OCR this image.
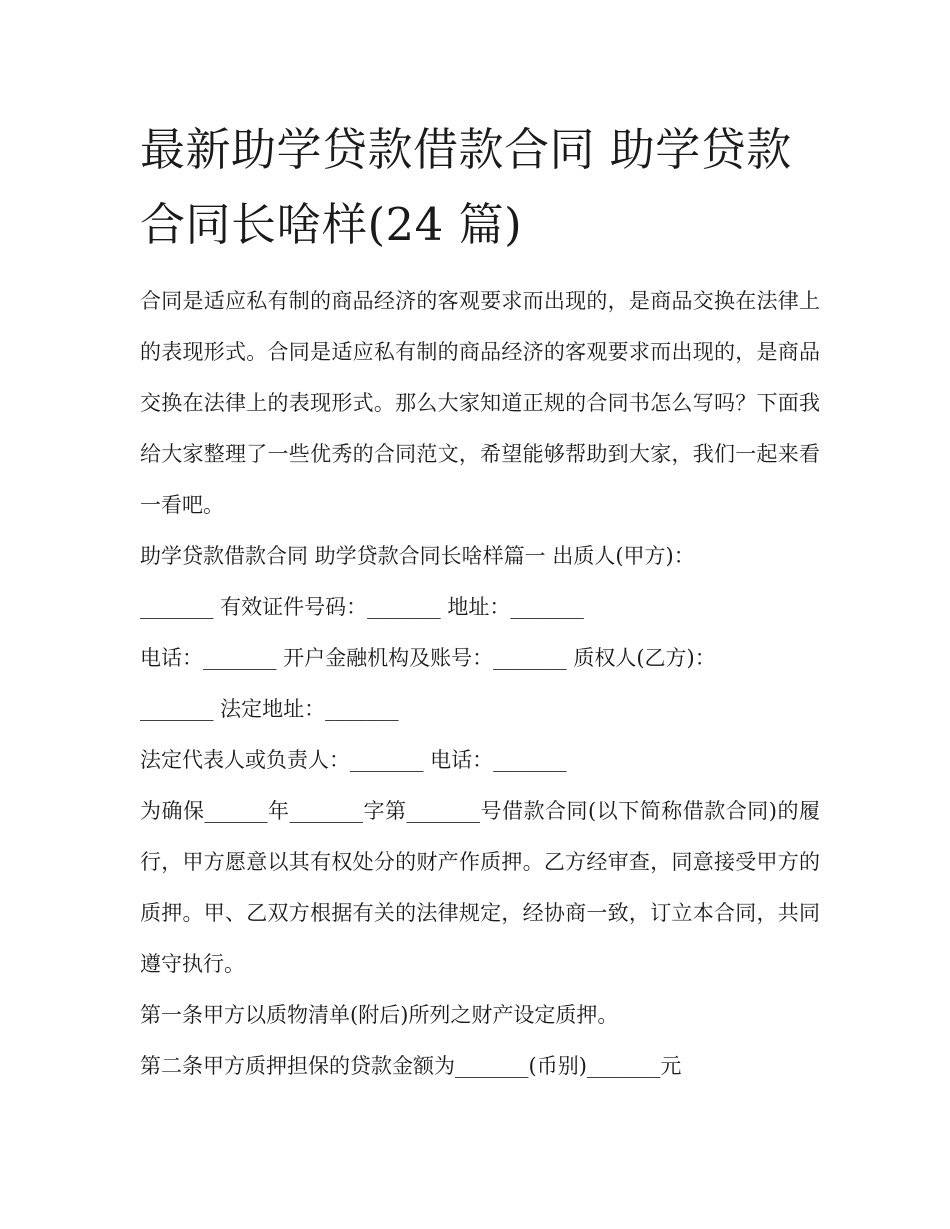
最新助学贷款借款合同 助学贷款合同长啥样(24 篇)

合同是适应私有制的商品经济的客观要求而出现的，是商品交换在法律上的表现形式。合同是适应私有制的商品经济的客观要求而出现的，是商品交换在法律上的表现形式。那么大家知道正规的合同书怎么写吗？下面我给大家整理了一些优秀的合同范文，希望能够帮助到大家，我们一起来看一看吧。

助学贷款借款合同 助学贷款合同长啥样篇一 出质人(甲方)：

_______ 有效证件号码：_______ 地址：_______

电话：_______ 开户金融机构及账号：_______ 质权人(乙方)：

_______ 法定地址：_______

法定代表人或负责人：_______ 电话：_______

为确保______年_______字第_______号借款合同(以下简称借款合同)的履行，甲方愿意以其有权处分的财产作质押。乙方经审查，同意接受甲方的质押。甲、乙双方根据有关的法律规定，经协商一致，订立本合同，共同遵守执行。

第一条甲方以质物清单(附后)所列之财产设定质押。

第二条甲方质押担保的贷款金额为_______(币别)_______元
